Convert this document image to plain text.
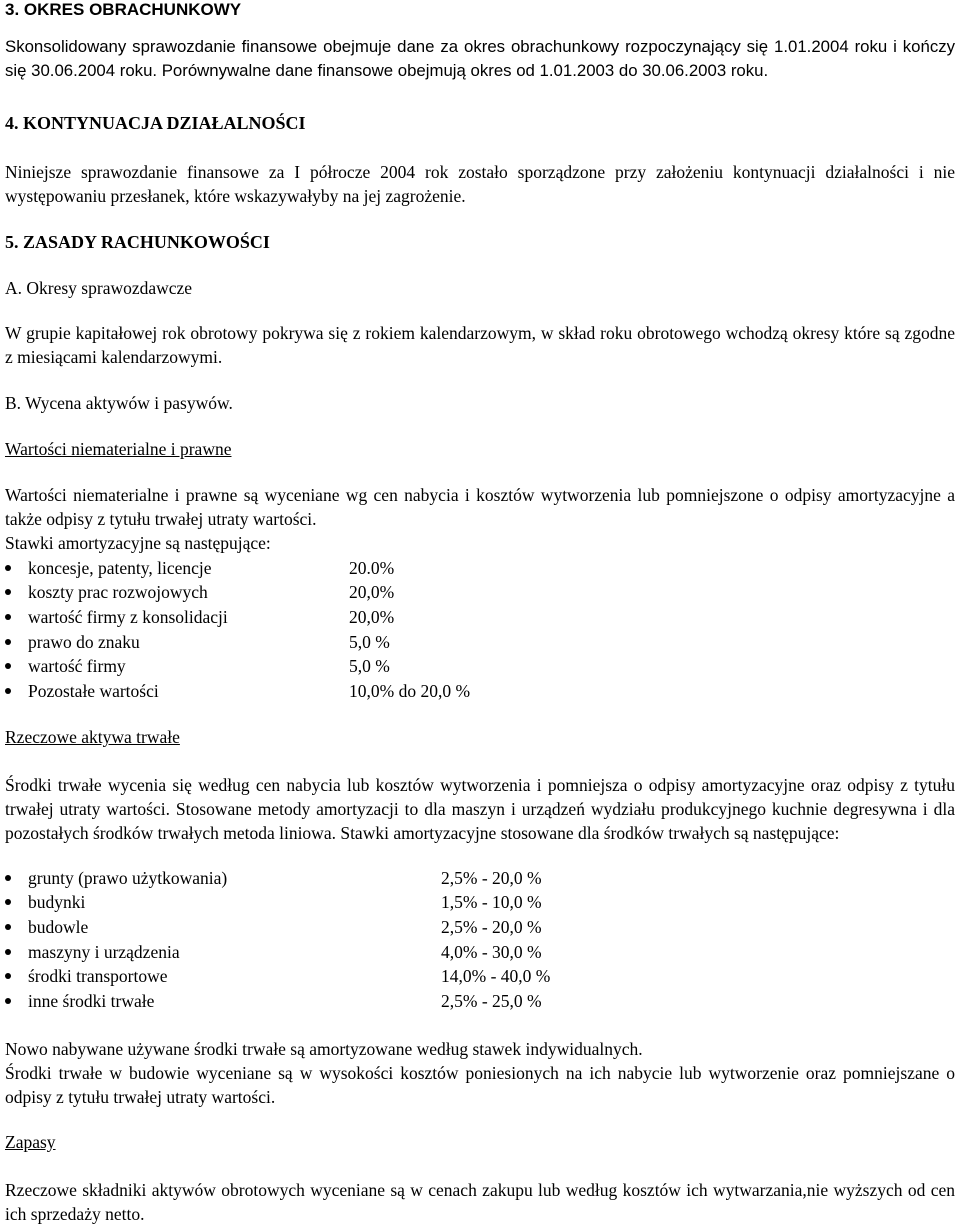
3. OKRES OBRACHUNKOWY

Skonsolidowany sprawozdanie finansowe obejmuje dane za okres obrachunkowy rozpoczynający się 1.01.2004 roku i kończy się 30.06.2004 roku. Porównywalne dane finansowe obejmują okres od 1.01.2003 do 30.06.2003 roku.

4. KONTYNUACJA DZIAŁALNOŚCI

Niniejsze sprawozdanie finansowe za I półrocze 2004 rok zostało sporządzone przy założeniu kontynuacji działalności i nie występowaniu przesłanek, które wskazywałyby na jej zagrożenie.

5. ZASADY RACHUNKOWOŚCI
A. Okresy sprawozdawcze

W grupie kapitałowej rok obrotowy pokrywa się z rokiem kalendarzowym, w skład roku obrotowego wchodzą okresy które są zgodne z miesiącami kalendarzowymi.

B. Wycena aktywów i pasywów.
Wartości niematerialne i prawne

Wartości niematerialne i prawne są wyceniane wg cen nabycia i kosztów wytworzenia lub pomniejszone o odpisy amortyzacyjne a także odpisy z tytułu trwałej utraty wartości.

Stawki amortyzacyjne są następujące:
koncesje, patenty, licencje	20.0%
koszty prac rozwojowych	20,0%
wartość firmy z konsolidacji	20,0%
prawo do znaku	5,0 %
wartość firmy	5,0 %
Pozostałe wartości	10,0% do 20,0 %
Rzeczowe aktywa trwałe

Środki trwałe wycenia się według cen nabycia lub kosztów wytworzenia i pomniejsza o odpisy amortyzacyjne oraz odpisy z tytułu trwałej utraty wartości. Stosowane metody amortyzacji to dla maszyn i urządzeń wydziału produkcyjnego kuchnie degresywna i dla pozostałych środków trwałych metoda liniowa. Stawki amortyzacyjne stosowane dla środków trwałych są następujące:

grunty (prawo użytkowania)	2,5% - 20,0 %
budynki	1,5% - 10,0 %
budowle	2,5% - 20,0 %
maszyny i urządzenia	4,0% - 30,0 %
środki transportowe	14,0% - 40,0 %
inne środki trwałe	2,5% - 25,0 %

Nowo nabywane używane środki trwałe są amortyzowane według stawek indywidualnych.

Środki trwałe w budowie wyceniane są w wysokości kosztów poniesionych na ich nabycie lub wytworzenie oraz pomniejszane o odpisy z tytułu trwałej utraty wartości.

Zapasy

Rzeczowe składniki aktywów obrotowych wyceniane są w cenach zakupu lub według kosztów ich wytwarzania,nie wyższych od cen ich sprzedaży netto.
